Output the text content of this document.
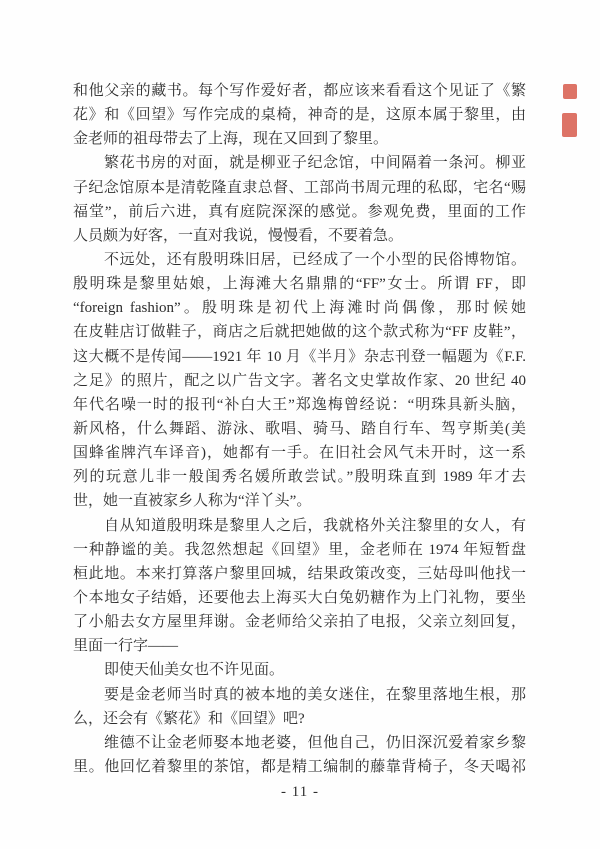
和他父亲的藏书。每个写作爱好者，都应该来看看这个见证了《繁
花》和《回望》写作完成的桌椅，神奇的是，这原本属于黎里，由
金老师的祖母带去了上海，现在又回到了黎里。
繁花书房的对面，就是柳亚子纪念馆，中间隔着一条河。柳亚
子纪念馆原本是清乾隆直隶总督、工部尚书周元理的私邸，宅名“赐
福堂”，前后六进，真有庭院深深的感觉。参观免费，里面的工作
人员颇为好客，一直对我说，慢慢看，不要着急。
不远处，还有殷明珠旧居，已经成了一个小型的民俗博物馆。
殷明珠是黎里姑娘，上海滩大名鼎鼎的“FF”女士。所谓 FF，即
“foreign fashion”。殷明珠是初代上海滩时尚偶像，那时候她
在皮鞋店订做鞋子，商店之后就把她做的这个款式称为“FF 皮鞋”，
这大概不是传闻——1921 年 10 月《半月》杂志刊登一幅题为《F.F.
之足》的照片，配之以广告文字。著名文史掌故作家、20 世纪 40
年代名噪一时的报刊“补白大王”郑逸梅曾经说：“明珠具新头脑，
新风格，什么舞蹈、游泳、歌唱、骑马、踏自行车、驾亨斯美(美
国蜂雀牌汽车译音)，她都有一手。在旧社会风气未开时，这一系
列的玩意儿非一般闺秀名媛所敢尝试。”殷明珠直到 1989 年才去
世，她一直被家乡人称为“洋丫头”。
自从知道殷明珠是黎里人之后，我就格外关注黎里的女人，有
一种静谧的美。我忽然想起《回望》里，金老师在 1974 年短暂盘
桓此地。本来打算落户黎里回城，结果政策改变，三姑母叫他找一
个本地女子结婚，还要他去上海买大白兔奶糖作为上门礼物，要坐
了小船去女方屋里拜谢。金老师给父亲拍了电报，父亲立刻回复，
里面一行字——
即使天仙美女也不许见面。
要是金老师当时真的被本地的美女迷住，在黎里落地生根，那
么，还会有《繁花》和《回望》吧?
维德不让金老师娶本地老婆，但他自己，仍旧深沉爱着家乡黎
里。他回忆着黎里的茶馆，都是精工编制的藤靠背椅子，冬天喝祁
- 11 -
